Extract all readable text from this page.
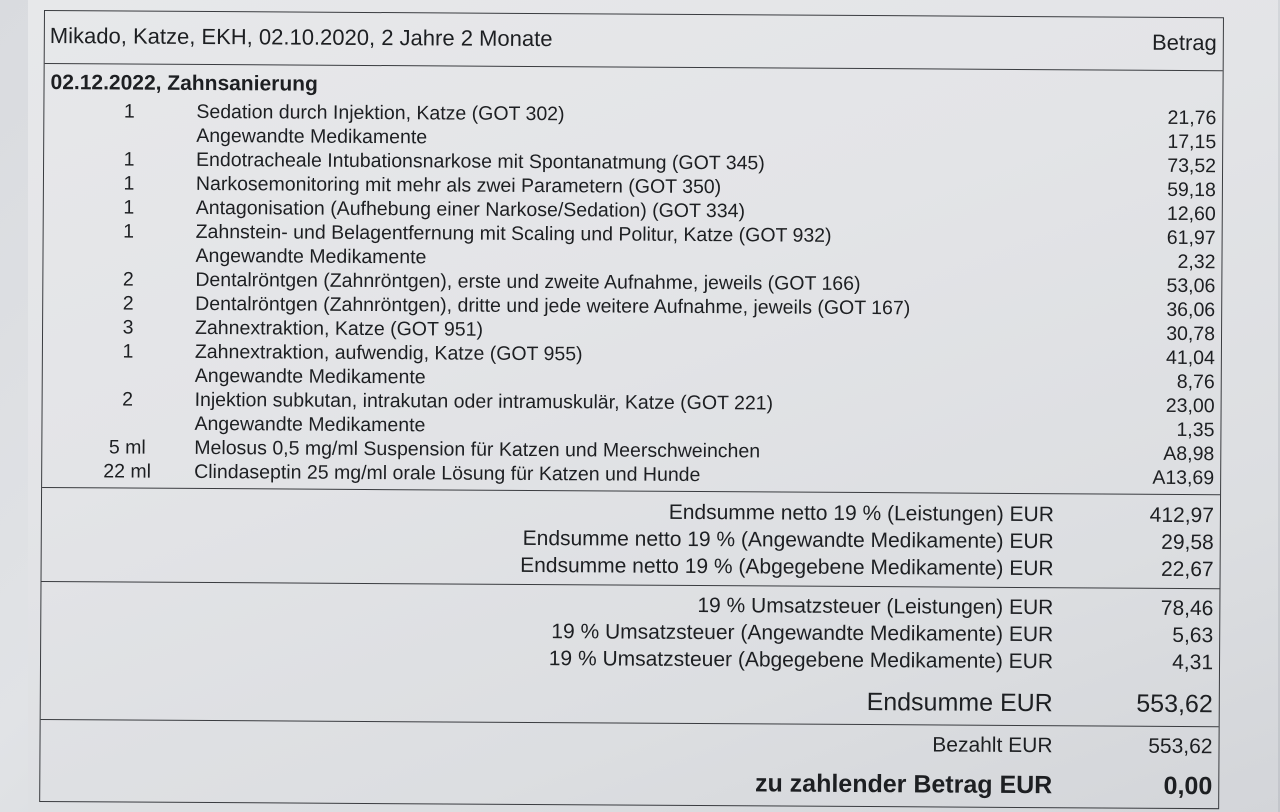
Mikado, Katze, EKH, 02.10.2020, 2 Jahre 2 Monate	Betrag
02.12.2022, Zahnsanierung
1	Sedation durch Injektion, Katze (GOT 302)	21,76
Angewandte Medikamente	17,15
1	Endotracheale Intubationsnarkose mit Spontanatmung (GOT 345)	73,52
1	Narkosemonitoring mit mehr als zwei Parametern (GOT 350)	59,18
1	Antagonisation (Aufhebung einer Narkose/Sedation) (GOT 334)	12,60
1	Zahnstein- und Belagentfernung mit Scaling und Politur, Katze (GOT 932)	61,97
Angewandte Medikamente	2,32
2	Dentalröntgen (Zahnröntgen), erste und zweite Aufnahme, jeweils (GOT 166)	53,06
2	Dentalröntgen (Zahnröntgen), dritte und jede weitere Aufnahme, jeweils (GOT 167)	36,06
3	Zahnextraktion, Katze (GOT 951)	30,78
1	Zahnextraktion, aufwendig, Katze (GOT 955)	41,04
Angewandte Medikamente	8,76
2	Injektion subkutan, intrakutan oder intramuskulär, Katze (GOT 221)	23,00
Angewandte Medikamente	1,35
5 ml	Melosus 0,5 mg/ml Suspension für Katzen und Meerschweinchen	A8,98
22 ml	Clindaseptin 25 mg/ml orale Lösung für Katzen und Hunde	A13,69
Endsumme netto 19 % (Leistungen) EUR	412,97
Endsumme netto 19 % (Angewandte Medikamente) EUR	29,58
Endsumme netto 19 % (Abgegebene Medikamente) EUR	22,67
19 % Umsatzsteuer (Leistungen) EUR	78,46
19 % Umsatzsteuer (Angewandte Medikamente) EUR	5,63
19 % Umsatzsteuer (Abgegebene Medikamente) EUR	4,31
Endsumme EUR	553,62
Bezahlt EUR	553,62
zu zahlender Betrag EUR	0,00
